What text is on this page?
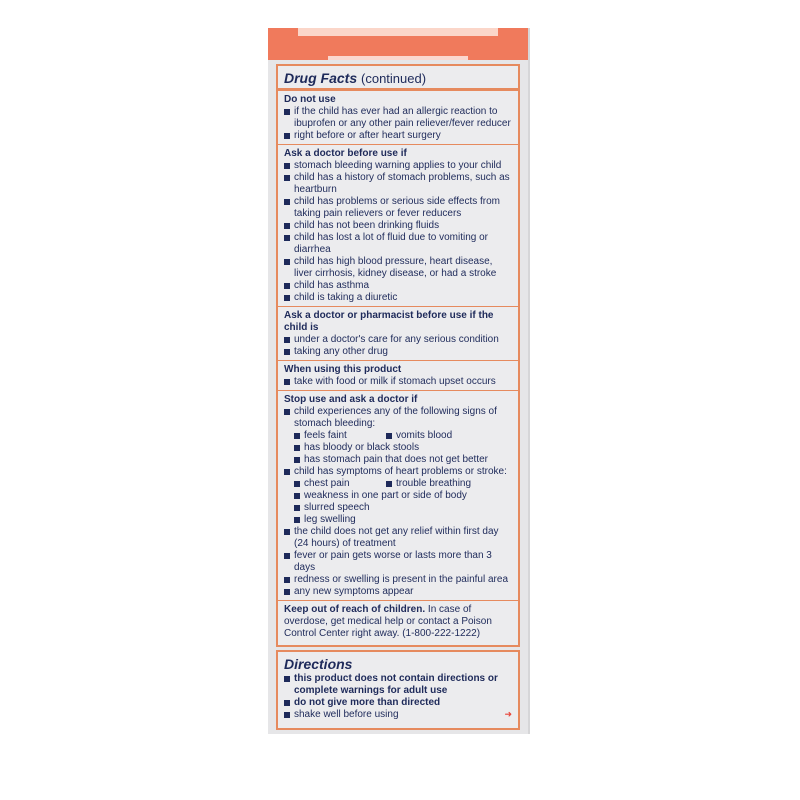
Drug Facts (continued)
Do not use
if the child has ever had an allergic reaction to ibuprofen or any other pain reliever/fever reducer
right before or after heart surgery
Ask a doctor before use if
stomach bleeding warning applies to your child
child has a history of stomach problems, such as heartburn
child has problems or serious side effects from taking pain relievers or fever reducers
child has not been drinking fluids
child has lost a lot of fluid due to vomiting or diarrhea
child has high blood pressure, heart disease, liver cirrhosis, kidney disease, or had a stroke
child has asthma
child is taking a diuretic
Ask a doctor or pharmacist before use if the child is
under a doctor's care for any serious condition
taking any other drug
When using this product
take with food or milk if stomach upset occurs
Stop use and ask a doctor if
child experiences any of the following signs of stomach bleeding:
feels faint	vomits blood
has bloody or black stools
has stomach pain that does not get better
child has symptoms of heart problems or stroke:
chest pain	trouble breathing
weakness in one part or side of body
slurred speech
leg swelling
the child does not get any relief within first day (24 hours) of treatment
fever or pain gets worse or lasts more than 3 days
redness or swelling is present in the painful area
any new symptoms appear
Keep out of reach of children. In case of overdose, get medical help or contact a Poison Control Center right away. (1-800-222-1222)
Directions
this product does not contain directions or complete warnings for adult use
do not give more than directed
shake well before using	➜
